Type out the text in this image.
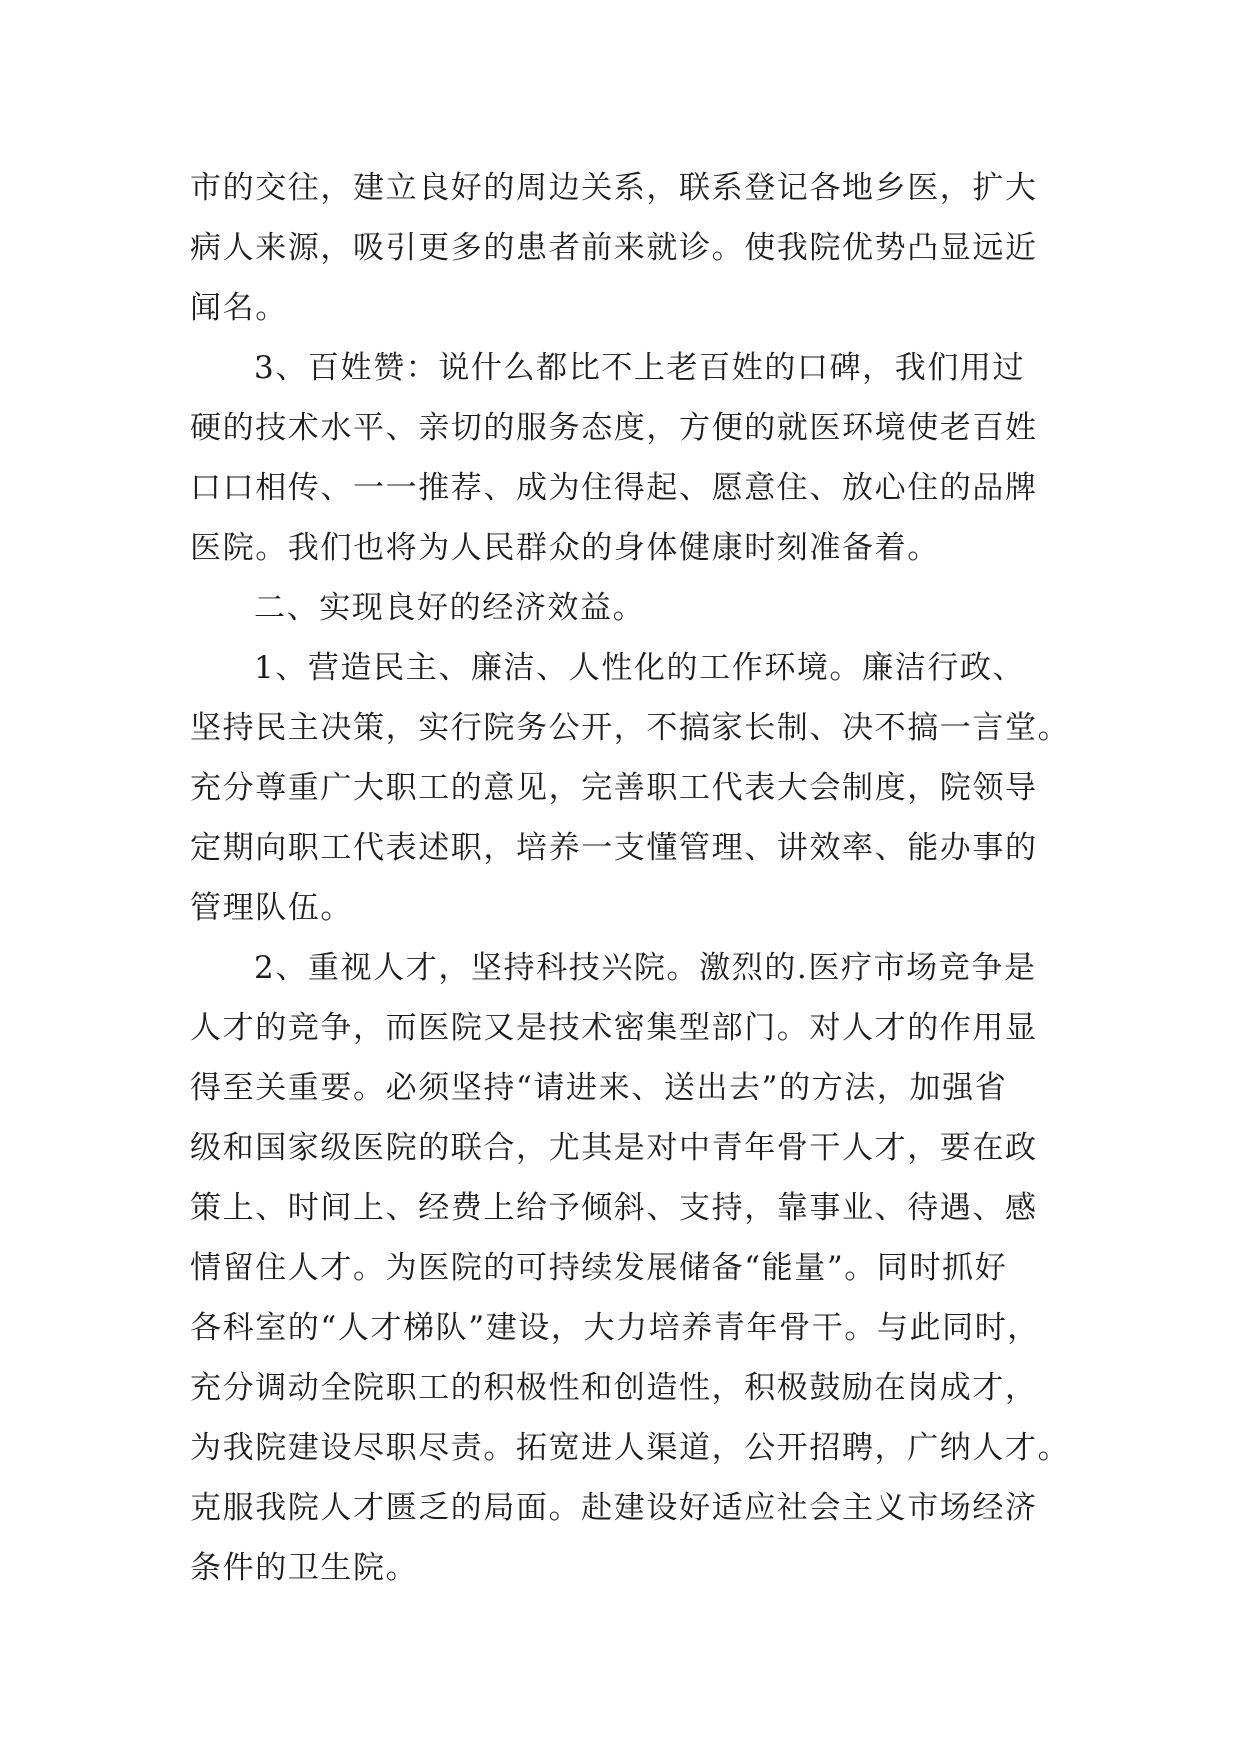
市的交往，建立良好的周边关系，联系登记各地乡医，扩大
病人来源，吸引更多的患者前来就诊。使我院优势凸显远近
闻名。
3、百姓赞：说什么都比不上老百姓的口碑，我们用过
硬的技术水平、亲切的服务态度，方便的就医环境使老百姓
口口相传、一一推荐、成为住得起、愿意住、放心住的品牌
医院。我们也将为人民群众的身体健康时刻准备着。
二、实现良好的经济效益。
1、营造民主、廉洁、人性化的工作环境。廉洁行政、
坚持民主决策，实行院务公开，不搞家长制、决不搞一言堂。
充分尊重广大职工的意见，完善职工代表大会制度，院领导
定期向职工代表述职，培养一支懂管理、讲效率、能办事的
管理队伍。
2、重视人才，坚持科技兴院。激烈的.医疗市场竞争是
人才的竞争，而医院又是技术密集型部门。对人才的作用显
得至关重要。必须坚持“请进来、送出去”的方法，加强省
级和国家级医院的联合，尤其是对中青年骨干人才，要在政
策上、时间上、经费上给予倾斜、支持，靠事业、待遇、感
情留住人才。为医院的可持续发展储备“能量”。同时抓好
各科室的“人才梯队”建设，大力培养青年骨干。与此同时，
充分调动全院职工的积极性和创造性，积极鼓励在岗成才，
为我院建设尽职尽责。拓宽进人渠道，公开招聘，广纳人才。
克服我院人才匮乏的局面。赴建设好适应社会主义市场经济
条件的卫生院。
